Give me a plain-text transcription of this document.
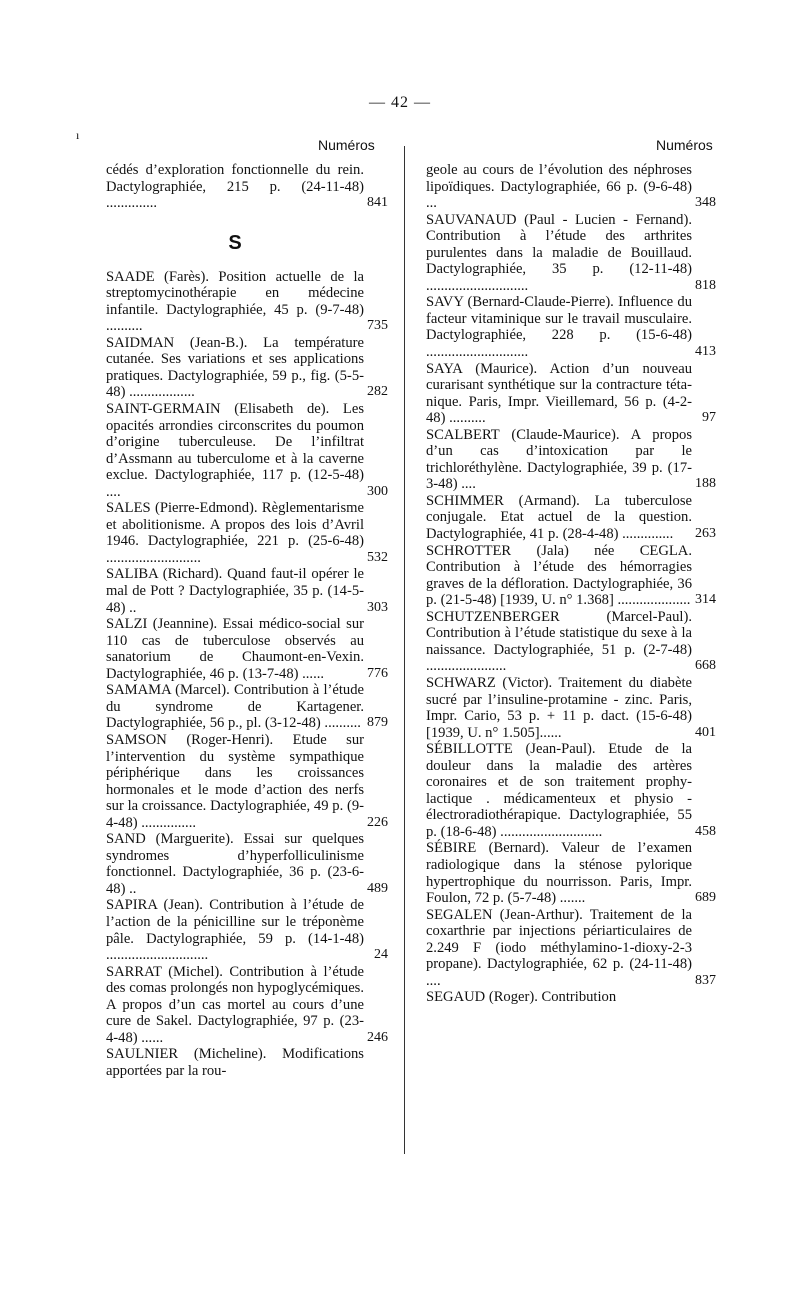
— 42 —
ı
Numéros	Numéros
cédés d’exploration fonctionnelle du rein. Dactylographiée, 215 p. (24-11-48) ..............	841
S
SAADE (Farès). Position actuelle de la streptomycinothérapie en médecine infantile. Dactylographiée, 45 p. (9-7-48) ..........	735
SAIDMAN (Jean-B.). La température cutanée. Ses variations et ses applications pratiques. Dactylographiée, 59 p., fig. (5-5-48) ..................	282
SAINT-GERMAIN (Elisabeth de). Les opacités arrondies circonscrites du poumon d’origine tuberculeuse. De l’infiltrat d’Assmann au tuberculome et à la caverne exclue. Dactylographiée, 117 p. (12-5-48) ....	300
SALES (Pierre-Edmond). Règlementarisme et abolitionisme. A propos des lois d’Avril 1946. Dactylographiée, 221 p. (25-6-48) ..........................	532
SALIBA (Richard). Quand faut-il opérer le mal de Pott ? Dactylographiée, 35 p. (14-5-48) ..	303
SALZI (Jeannine). Essai médico-social sur 110 cas de tuberculose observés au sanatorium de Chaumont-en-Vexin. Dactylographiée, 46 p. (13-7-48) ......	776
SAMAMA (Marcel). Contribution à l’étude du syndrome de Kartagener. Dactylographiée, 56 p., pl. (3-12-48) .......... 879
SAMSON (Roger-Henri). Etude sur l’intervention du système sympathique périphérique dans les croissances hormonales et le mode d’action des nerfs sur la croissance. Dactylographiée, 49 p. (9-4-48) ...............	226
SAND (Marguerite). Essai sur quelques syndromes d’hyperfolliculinisme fonctionnel. Dactylographiée, 36 p. (23-6-48) ..	489
SAPIRA (Jean). Contribution à l’étude de l’action de la pénicilline sur le tréponème pâle. Dactylographiée, 59 p. (14-1-48) ............................	24
SARRAT (Michel). Contribution à l’étude des comas prolongés non hypoglycémiques. A propos d’un cas mortel au cours d’une cure de Sakel. Dactylographiée, 97 p. (23-4-48) ......	246
SAULNIER (Micheline). Modifications apportées par la rou-
geole au cours de l’évolution des néphroses lipoïdiques. Dactylographiée, 66 p. (9-6-48) ...	348
SAUVANAUD (Paul - Lucien - Fernand). Contribution à l’étude des arthrites purulentes dans la maladie de Bouillaud. Dactylographiée, 35 p. (12-11-48) ............................	818
SAVY (Bernard-Claude-Pierre). Influence du facteur vitaminique sur le travail musculaire. Dactylographiée, 228 p. (15-6-48) ............................	413
SAYA (Maurice). Action d’un nouveau curarisant synthétique sur la contracture tétanique. Paris, Impr. Vieillemard, 56 p. (4-2-48) ..........	97
SCALBERT (Claude-Maurice). A propos d’un cas d’intoxication par le trichloréthylène. Dactylographiée, 39 p. (17-3-48) ....	188
SCHIMMER (Armand). La tuberculose conjugale. Etat actuel de la question. Dactylographiée, 41 p. (28-4-48) ..............	263
SCHROTTER (Jala) née CEGLA. Contribution à l’étude des hémorragies graves de la défloration. Dactylographiée, 36 p. (21-5-48) [1939, U. n° 1.368] .................... 314
SCHUTZENBERGER (Marcel-Paul). Contribution à l’étude statistique du sexe à la naissance. Dactylographiée, 51 p. (2-7-48) ......................	668
SCHWARZ (Victor). Traitement du diabète sucré par l’insuline-protamine - zinc. Paris, Impr. Cario, 53 p. + 11 p. dact. (15-6-48) [1939, U. n° 1.505]......	401
SÉBILLOTTE (Jean-Paul). Etude de la douleur dans la maladie des artères coronaires et de son traitement prophylactique . médicamenteux et physio - électroradiothérapique. Dactylographiée, 55 p. (18-6-48) ............................	458
SÉBIRE (Bernard). Valeur de l’examen radiologique dans la sténose pylorique hypertrophique du nourrisson. Paris, Impr. Foulon, 72 p. (5-7-48) .......	689
SEGALEN (Jean-Arthur). Traitement de la coxarthrie par injections périarticulaires de 2.249 F (iodo méthylamino-1-dioxy-2-3 propane). Dactylographiée, 62 p. (24-11-48) ....	837
SEGAUD (Roger). Contribution
